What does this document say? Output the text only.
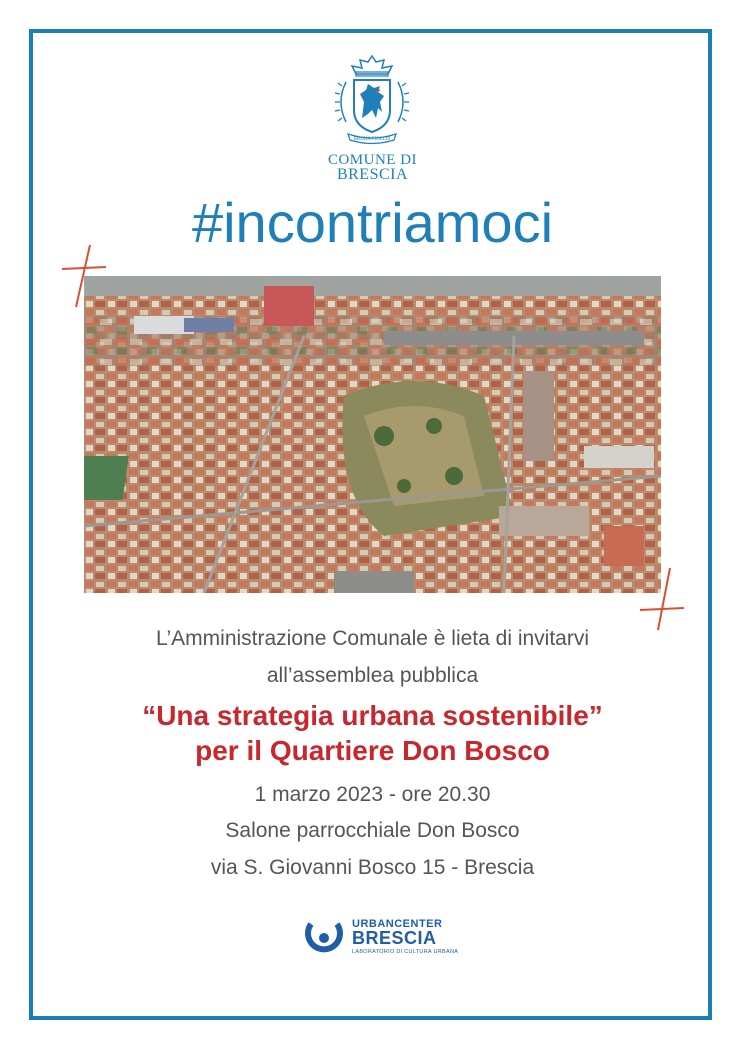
BRIXIA FIDELIS
COMUNE DI
BRESCIA
#incontriamoci
L’Amministrazione Comunale è lieta di invitarvi
all’assemblea pubblica
“Una strategia urbana sostenibile”
per il Quartiere Don Bosco
1 marzo 2023 - ore 20.30
Salone parrocchiale Don Bosco
via S. Giovanni Bosco 15 - Brescia
URBANCENTER
BRESCIA
LABORATORIO DI CULTURA URBANA
